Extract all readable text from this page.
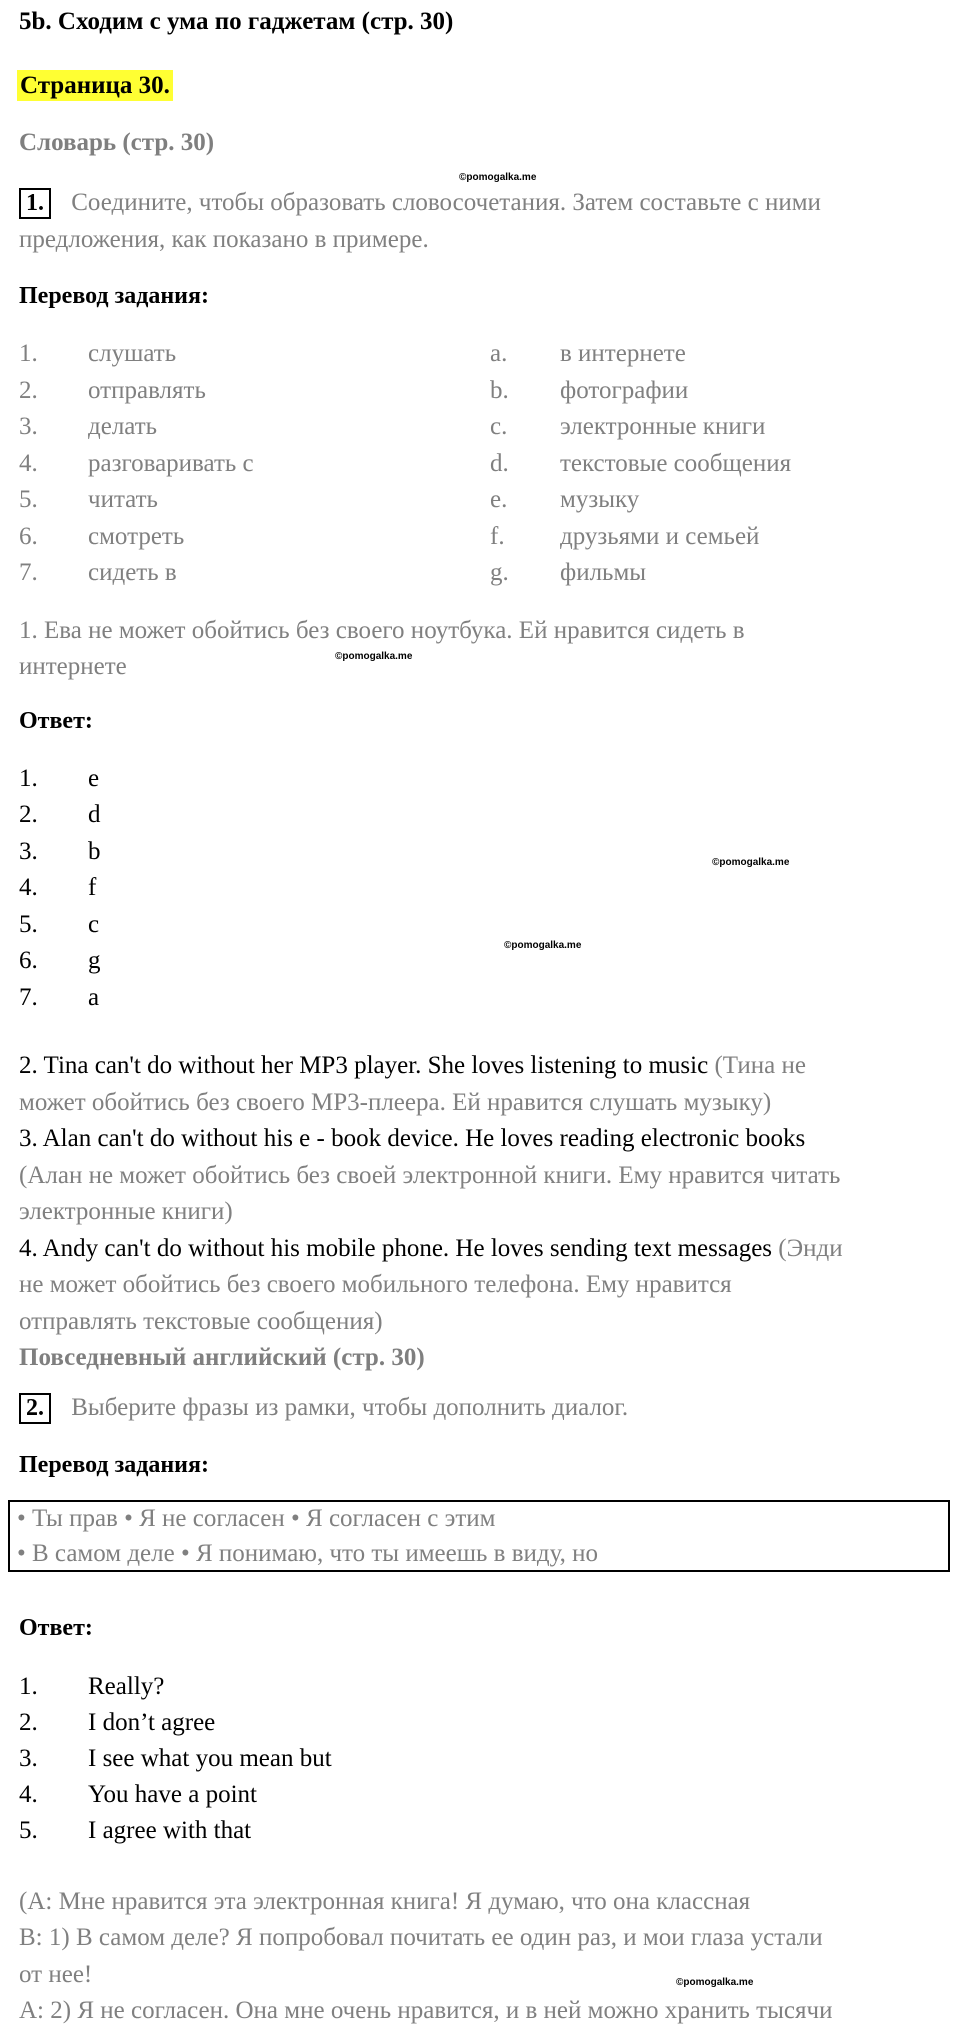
5b. Сходим с ума по гаджетам (стр. 30)
Страница 30.
Словарь (стр. 30)
©pomogalka.me
1. Соедините, чтобы образовать словосочетания. Затем составьте с ними
предложения, как показано в примере.
Перевод задания:
1. слушать
2. отправлять
3. делать
4. разговаривать с
5. читать
6. смотреть
7. сидеть в
a. в интернете
b. фотографии
c. электронные книги
d. текстовые сообщения
e. музыку
f. друзьями и семьей
g. фильмы
1. Ева не может обойтись без своего ноутбука. Ей нравится сидеть в
интернете	©pomogalka.me
Ответ:
1. e
2. d
3. b
4. f
5. c
6. g
7. a
©pomogalka.me
©pomogalka.me
2. Tina can't do without her MP3 player. She loves listening to music (Тина не
может обойтись без своего MP3-плеера. Ей нравится слушать музыку)
3. Alan can't do without his e - book device. He loves reading electronic books
(Алан не может обойтись без своей электронной книги. Ему нравится читать
электронные книги)
4. Andy can't do without his mobile phone. He loves sending text messages (Энди
не может обойтись без своего мобильного телефона. Ему нравится
отправлять текстовые сообщения)
Повседневный английский (стр. 30)
2. Выберите фразы из рамки, чтобы дополнить диалог.
Перевод задания:
• Ты прав • Я не согласен • Я согласен с этим
• В самом деле • Я понимаю, что ты имеешь в виду, но
Ответ:
1. Really?
2. I don’t agree
3. I see what you mean but
4. You have a point
5. I agree with that
(А: Мне нравится эта электронная книга! Я думаю, что она классная
В: 1) В самом деле? Я попробовал почитать ее один раз, и мои глаза устали
от нее!	©pomogalka.me
А: 2) Я не согласен. Она мне очень нравится, и в ней можно хранить тысячи
